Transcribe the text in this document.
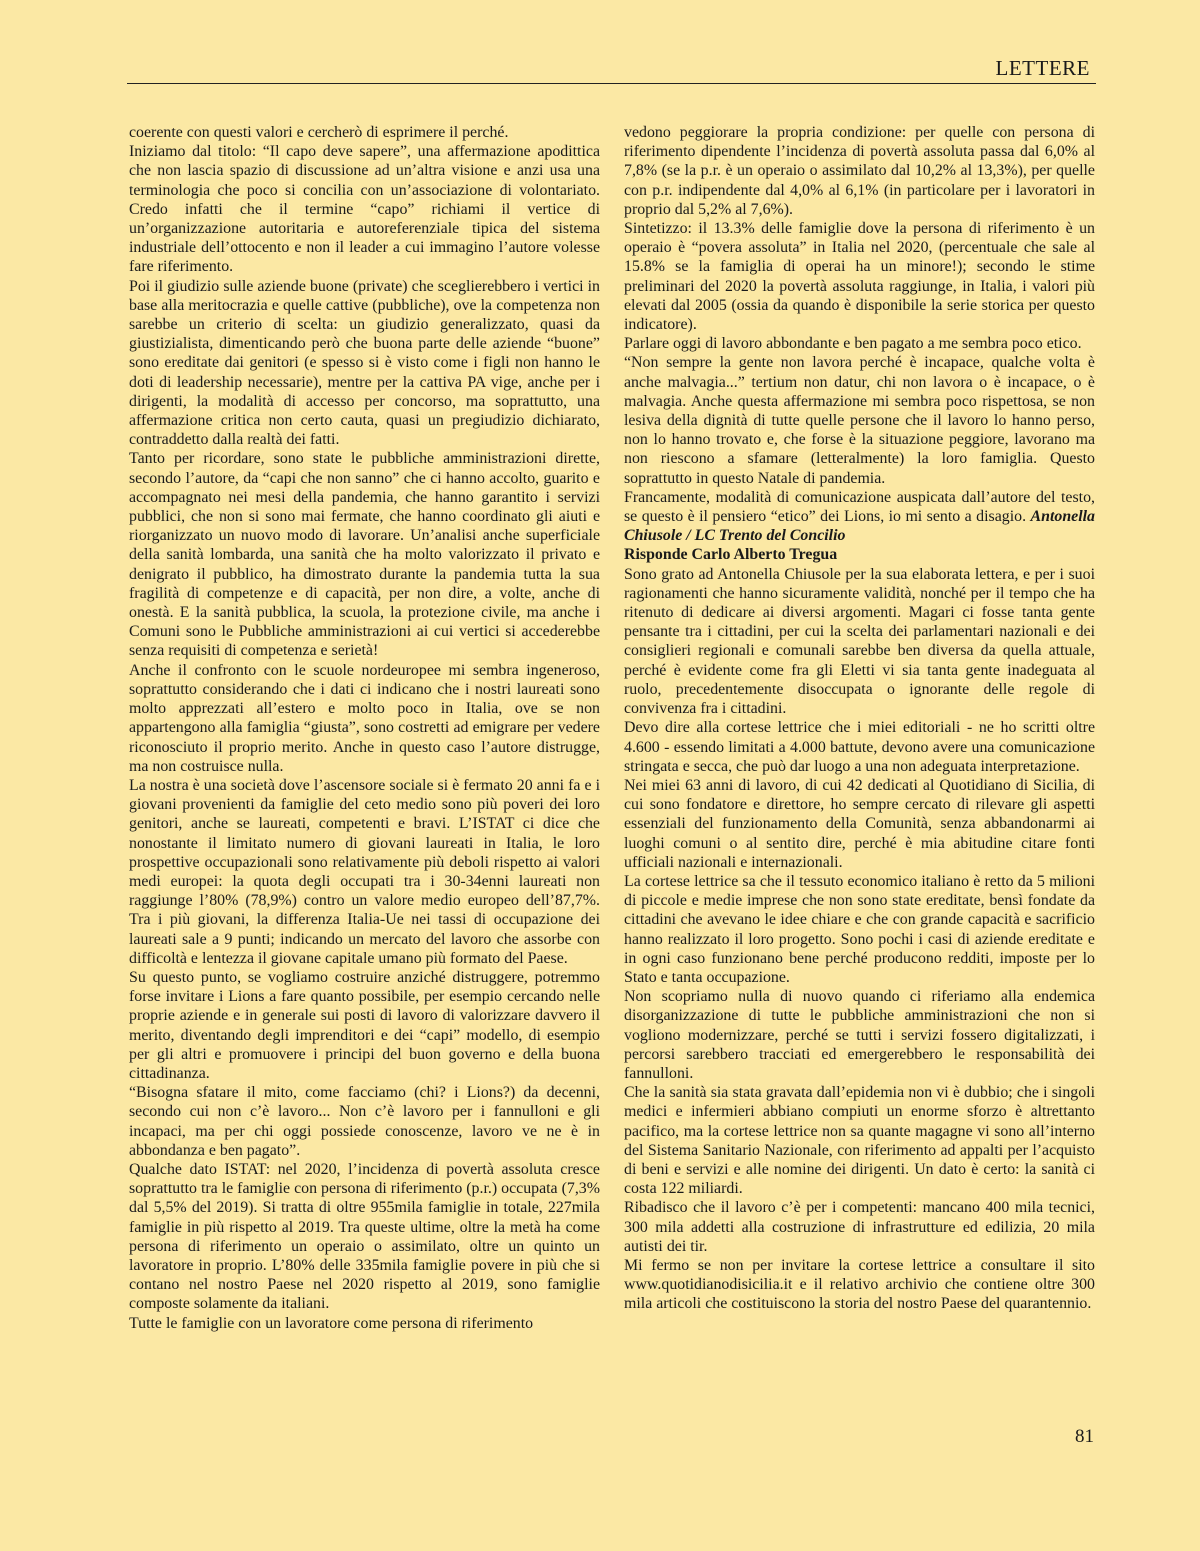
LETTERE

coerente con questi valori e cercherò di esprimere il perché.

Iniziamo dal titolo: “Il capo deve sapere”, una affermazione apodittica che non lascia spazio di discussione ad un’altra visione e anzi usa una terminologia che poco si concilia con un’associazione di volontariato. Credo infatti che il termine “capo” richiami il vertice di un’organizzazione autoritaria e autoreferenziale tipica del sistema industriale dell’ottocento e non il leader a cui immagino l’autore volesse fare riferimento.

Poi il giudizio sulle aziende buone (private) che sceglierebbero i vertici in base alla meritocrazia e quelle cattive (pubbliche), ove la competenza non sarebbe un criterio di scelta: un giudizio generalizzato, quasi da giustizialista, dimenticando però che buona parte delle aziende “buone” sono ereditate dai genitori (e spesso si è visto come i figli non hanno le doti di leadership necessarie), mentre per la cattiva PA vige, anche per i dirigenti, la modalità di accesso per concorso, ma soprattutto, una affermazione critica non certo cauta, quasi un pregiudizio dichiarato, contraddetto dalla realtà dei fatti.

Tanto per ricordare, sono state le pubbliche amministrazioni dirette, secondo l’autore, da “capi che non sanno” che ci hanno accolto, guarito e accompagnato nei mesi della pandemia, che hanno garantito i servizi pubblici, che non si sono mai fermate, che hanno coordinato gli aiuti e riorganizzato un nuovo modo di lavorare. Un’analisi anche superficiale della sanità lombarda, una sanità che ha molto valorizzato il privato e denigrato il pubblico, ha dimostrato durante la pandemia tutta la sua fragilità di competenze e di capacità, per non dire, a volte, anche di onestà. E la sanità pubblica, la scuola, la protezione civile, ma anche i Comuni sono le Pubbliche amministrazioni ai cui vertici si accederebbe senza requisiti di competenza e serietà!

Anche il confronto con le scuole nordeuropee mi sembra ingeneroso, soprattutto considerando che i dati ci indicano che i nostri laureati sono molto apprezzati all’estero e molto poco in Italia, ove se non appartengono alla famiglia “giusta”, sono costretti ad emigrare per vedere riconosciuto il proprio merito. Anche in questo caso l’autore distrugge, ma non costruisce nulla.

La nostra è una società dove l’ascensore sociale si è fermato 20 anni fa e i giovani provenienti da famiglie del ceto medio sono più poveri dei loro genitori, anche se laureati, competenti e bravi. L’ISTAT ci dice che nonostante il limitato numero di giovani laureati in Italia, le loro prospettive occupazionali sono relativamente più deboli rispetto ai valori medi europei: la quota degli occupati tra i 30-34enni laureati non raggiunge l’80% (78,9%) contro un valore medio europeo dell’87,7%. Tra i più giovani, la differenza Italia-Ue nei tassi di occupazione dei laureati sale a 9 punti; indicando un mercato del lavoro che assorbe con difficoltà e lentezza il giovane capitale umano più formato del Paese.

Su questo punto, se vogliamo costruire anziché distruggere, potremmo forse invitare i Lions a fare quanto possibile, per esempio cercando nelle proprie aziende e in generale sui posti di lavoro di valorizzare davvero il merito, diventando degli imprenditori e dei “capi” modello, di esempio per gli altri e promuovere i principi del buon governo e della buona cittadinanza.

“Bisogna sfatare il mito, come facciamo (chi? i Lions?) da decenni, secondo cui non c’è lavoro... Non c’è lavoro per i fannulloni e gli incapaci, ma per chi oggi possiede conoscenze, lavoro ve ne è in abbondanza e ben pagato”.

Qualche dato ISTAT: nel 2020, l’incidenza di povertà assoluta cresce soprattutto tra le famiglie con persona di riferimento (p.r.) occupata (7,3% dal 5,5% del 2019). Si tratta di oltre 955mila famiglie in totale, 227mila famiglie in più rispetto al 2019. Tra queste ultime, oltre la metà ha come persona di riferimento un operaio o assimilato, oltre un quinto un lavoratore in proprio. L’80% delle 335mila famiglie povere in più che si contano nel nostro Paese nel 2020 rispetto al 2019, sono famiglie composte solamente da italiani.

Tutte le famiglie con un lavoratore come persona di riferimento

vedono peggiorare la propria condizione: per quelle con persona di riferimento dipendente l’incidenza di povertà assoluta passa dal 6,0% al 7,8% (se la p.r. è un operaio o assimilato dal 10,2% al 13,3%), per quelle con p.r. indipendente dal 4,0% al 6,1% (in particolare per i lavoratori in proprio dal 5,2% al 7,6%).

Sintetizzo: il 13.3% delle famiglie dove la persona di riferimento è un operaio è “povera assoluta” in Italia nel 2020, (percentuale che sale al 15.8% se la famiglia di operai ha un minore!); secondo le stime preliminari del 2020 la povertà assoluta raggiunge, in Italia, i valori più elevati dal 2005 (ossia da quando è disponibile la serie storica per questo indicatore).

Parlare oggi di lavoro abbondante e ben pagato a me sembra poco etico.

“Non sempre la gente non lavora perché è incapace, qualche volta è anche malvagia...” tertium non datur, chi non lavora o è incapace, o è malvagia. Anche questa affermazione mi sembra poco rispettosa, se non lesiva della dignità di tutte quelle persone che il lavoro lo hanno perso, non lo hanno trovato e, che forse è la situazione peggiore, lavorano ma non riescono a sfamare (letteralmente) la loro famiglia. Questo soprattutto in questo Natale di pandemia.

Francamente, modalità di comunicazione auspicata dall’autore del testo, se questo è il pensiero “etico” dei Lions, io mi sento a disagio. Antonella Chiusole / LC Trento del Concilio

Risponde Carlo Alberto Tregua

Sono grato ad Antonella Chiusole per la sua elaborata lettera, e per i suoi ragionamenti che hanno sicuramente validità, nonché per il tempo che ha ritenuto di dedicare ai diversi argomenti. Magari ci fosse tanta gente pensante tra i cittadini, per cui la scelta dei parlamentari nazionali e dei consiglieri regionali e comunali sarebbe ben diversa da quella attuale, perché è evidente come fra gli Eletti vi sia tanta gente inadeguata al ruolo, precedentemente disoccupata o ignorante delle regole di convivenza fra i cittadini.

Devo dire alla cortese lettrice che i miei editoriali - ne ho scritti oltre 4.600 - essendo limitati a 4.000 battute, devono avere una comunicazione stringata e secca, che può dar luogo a una non adeguata interpretazione.

Nei miei 63 anni di lavoro, di cui 42 dedicati al Quotidiano di Sicilia, di cui sono fondatore e direttore, ho sempre cercato di rilevare gli aspetti essenziali del funzionamento della Comunità, senza abbandonarmi ai luoghi comuni o al sentito dire, perché è mia abitudine citare fonti ufficiali nazionali e internazionali.

La cortese lettrice sa che il tessuto economico italiano è retto da 5 milioni di piccole e medie imprese che non sono state ereditate, bensì fondate da cittadini che avevano le idee chiare e che con grande capacità e sacrificio hanno realizzato il loro progetto. Sono pochi i casi di aziende ereditate e in ogni caso funzionano bene perché producono redditi, imposte per lo Stato e tanta occupazione.

Non scopriamo nulla di nuovo quando ci riferiamo alla endemica disorganizzazione di tutte le pubbliche amministrazioni che non si vogliono modernizzare, perché se tutti i servizi fossero digitalizzati, i percorsi sarebbero tracciati ed emergerebbero le responsabilità dei fannulloni.

Che la sanità sia stata gravata dall’epidemia non vi è dubbio; che i singoli medici e infermieri abbiano compiuti un enorme sforzo è altrettanto pacifico, ma la cortese lettrice non sa quante magagne vi sono all’interno del Sistema Sanitario Nazionale, con riferimento ad appalti per l’acquisto di beni e servizi e alle nomine dei dirigenti. Un dato è certo: la sanità ci costa 122 miliardi.

Ribadisco che il lavoro c’è per i competenti: mancano 400 mila tecnici, 300 mila addetti alla costruzione di infrastrutture ed edilizia, 20 mila autisti dei tir.

Mi fermo se non per invitare la cortese lettrice a consultare il sito www.quotidianodisicilia.it e il relativo archivio che contiene oltre 300 mila articoli che costituiscono la storia del nostro Paese del quarantennio.

81
